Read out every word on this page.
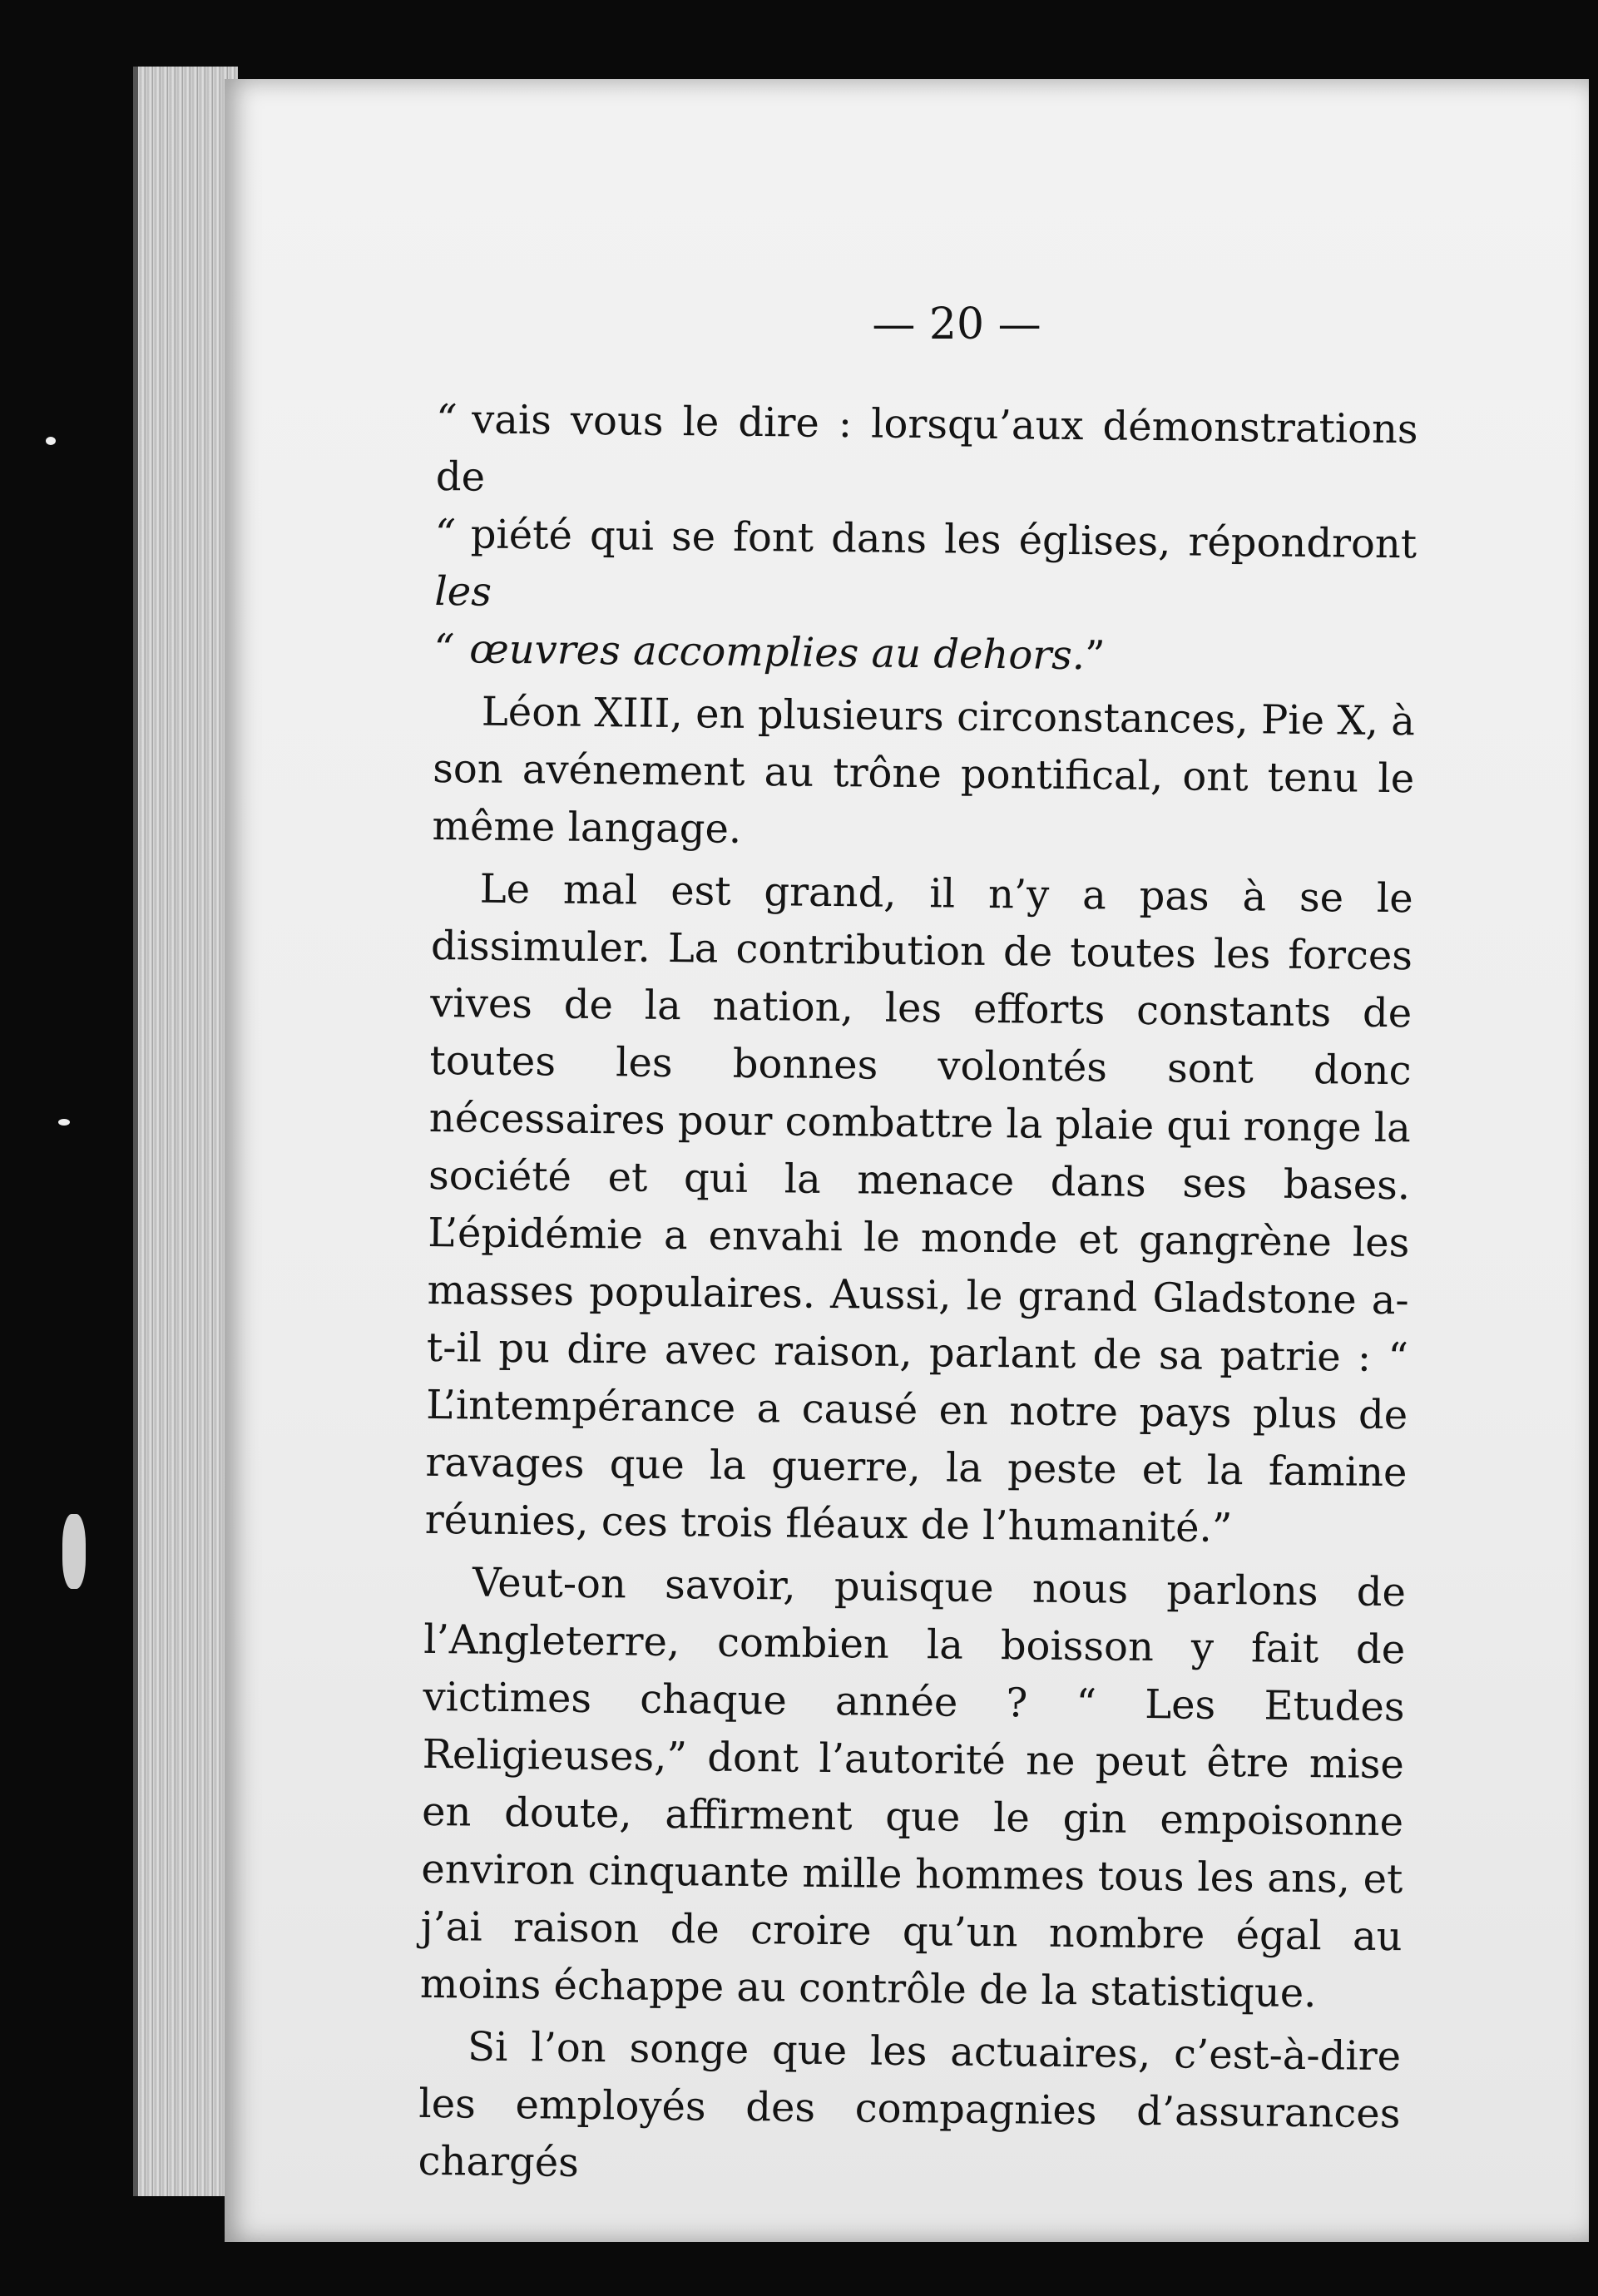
— 20 —

“ vais vous le dire : lorsqu’aux démonstrations de
“ piété qui se font dans les églises, répondront les
“ œuvres accomplies au dehors.”

Léon XIII, en plusieurs circonstances, Pie X, à son avénement au trône pontifical, ont tenu le même langage.

Le mal est grand, il n’y a pas à se le dissimuler. La contribution de toutes les forces vives de la nation, les efforts constants de toutes les bonnes volontés sont donc nécessaires pour combattre la plaie qui ronge la société et qui la menace dans ses bases. L’épidémie a envahi le monde et gangrène les masses populaires. Aussi, le grand Gladstone a-t-il pu dire avec raison, parlant de sa patrie : “ L’intempérance a causé en notre pays plus de ravages que la guerre, la peste et la famine réunies, ces trois fléaux de l’humanité.”

Veut-on savoir, puisque nous parlons de l’Angleterre, combien la boisson y fait de victimes chaque année ? “ Les Etudes Religieuses,” dont l’autorité ne peut être mise en doute, affirment que le gin empoisonne environ cinquante mille hommes tous les ans, et j’ai raison de croire qu’un nombre égal au moins échappe au contrôle de la statistique.

Si l’on songe que les actuaires, c’est-à-dire les employés des compagnies d’assurances chargés
